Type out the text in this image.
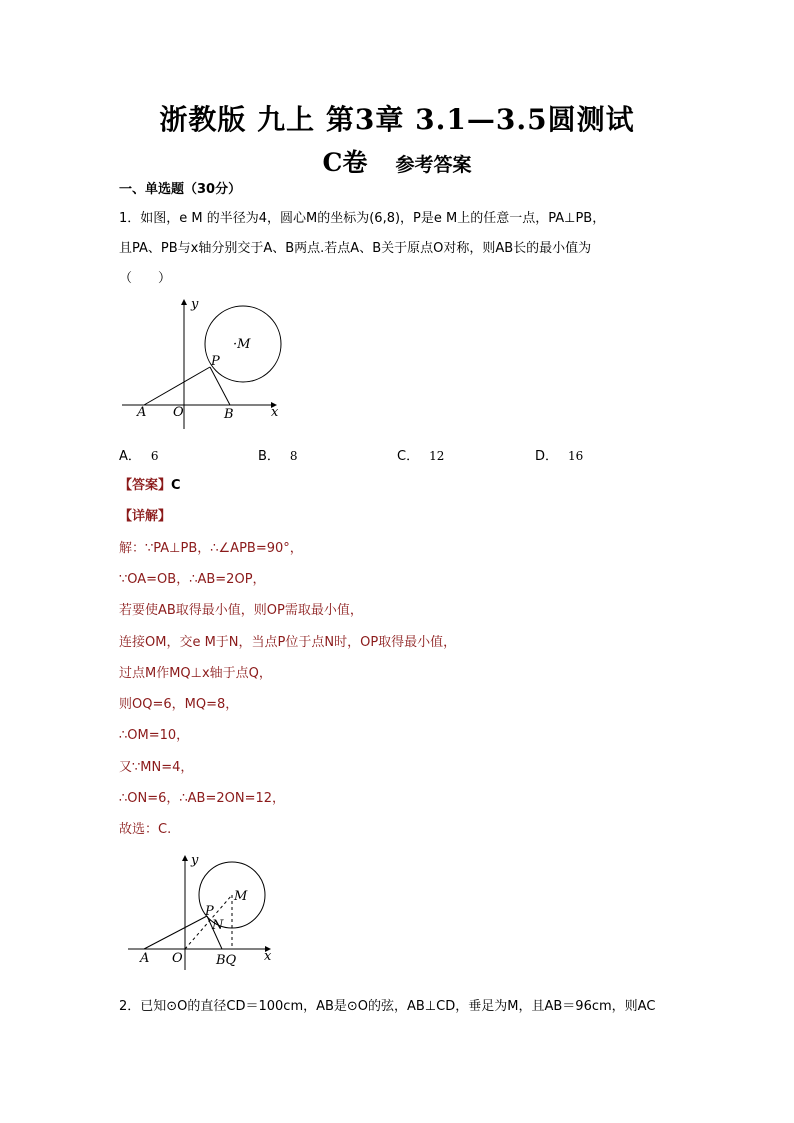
浙教版 九上 第3章 3.1—3.5圆测试
C卷 参考答案

一、单选题（30分）

1．如图，e M 的半径为4，圆心M的坐标为(6,8)，P是e M上的任意一点，PA⊥PB，

且PA、PB与x轴分别交于A、B两点.若点A、B关于原点O对称，则AB长的最小值为

（　　）

y
x
·M
P
A O	B

A． 6	B． 8	C． 12	D． 16

【答案】C

【详解】

解：∵PA⊥PB，∴∠APB=90°，

∵OA=OB，∴AB=2OP，

若要使AB取得最小值，则OP需取最小值，

连接OM，交e M于N，当点P位于点N时，OP取得最小值，

过点M作MQ⊥x轴于点Q，

则OQ=6，MQ=8，

∴OM=10，

又∵MN=4，

∴ON=6，∴AB=2ON=12，

故选：C.

y
x
M
P
N
A O	BQ

2．已知⊙O的直径CD＝100cm，AB是⊙O的弦，AB⊥CD，垂足为M，且AB＝96cm，则AC
